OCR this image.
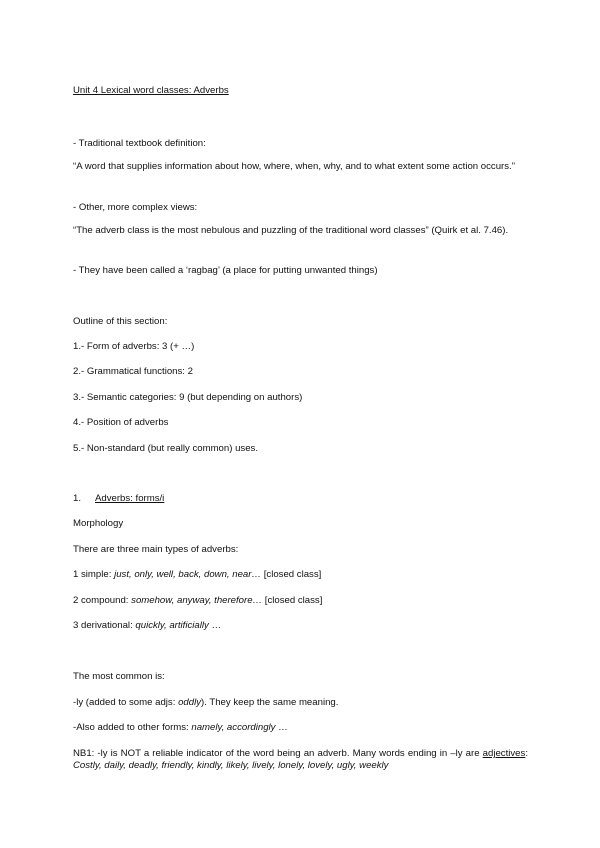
Unit 4 Lexical word classes: Adverbs
- Traditional textbook definition:
“A word that supplies information about how, where, when, why, and to what extent some action occurs.”
- Other, more complex views:
“The adverb class is the most nebulous and puzzling of the traditional word classes” (Quirk et al. 7.46).
- They have been called a ‘ragbag’ (a place for putting unwanted things)
Outline of this section:
1.- Form of adverbs: 3 (+ …)
2.- Grammatical functions: 2
3.- Semantic categories: 9 (but depending on authors)
4.- Position of adverbs
5.- Non-standard (but really common) uses.
1. Adverbs: forms/i
Morphology
There are three main types of adverbs:
1 simple: just, only, well, back, down, near… [closed class]
2 compound: somehow, anyway, therefore… [closed class]
3 derivational: quickly, artificially …
The most common is:
-ly (added to some adjs: oddly). They keep the same meaning.
-Also added to other forms: namely, accordingly …
NB1: -ly is NOT a reliable indicator of the word being an adverb. Many words ending in –ly are adjectives: Costly, daily, deadly, friendly, kindly, likely, lively, lonely, lovely, ugly, weekly
